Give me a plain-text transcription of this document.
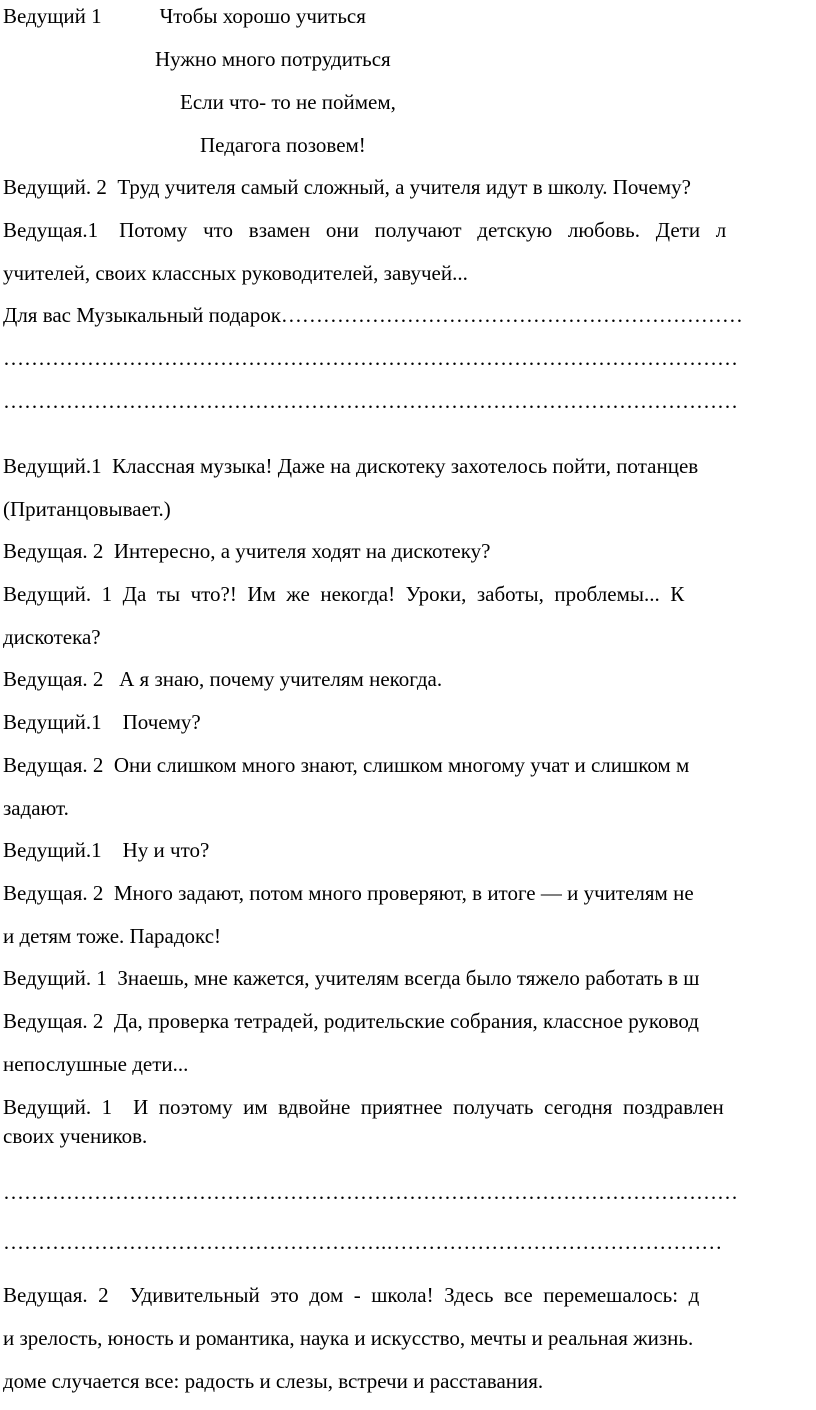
Ведущий 1	Чтобы хорошо учиться
Нужно много потрудиться
Если что- то не поймем,
Педагога позовем!
Ведущий. 2  Труд учителя самый сложный, а учителя идут в школу. Почему?
Ведущая.1    Потому   что   взамен   они   получают   детскую   любовь.   Дети   л
учителей, своих классных руководителей, завучей...
Для вас Музыкальный подарок…………………………………………………………
……………………………………………………………………………………………
……………………………………………………………………………………………
Ведущий.1  Классная музыка! Даже на дискотеку захотелось пойти, потанцев
(Пританцовывает.)
Ведущая. 2  Интересно, а учителя ходят на дискотеку?
Ведущий.  1  Да  ты  что?!  Им  же  некогда!  Уроки,  заботы,  проблемы...  К
дискотека?
Ведущая. 2   А я знаю, почему учителям некогда.
Ведущий.1    Почему?
Ведущая. 2  Они слишком много знают, слишком многому учат и слишком м
задают.
Ведущий.1    Ну и что?
Ведущая. 2  Много задают, потом много проверяют, в итоге — и учителям не
и детям тоже. Парадокс!
Ведущий. 1  Знаешь, мне кажется, учителям всегда было тяжело работать в ш
Ведущая. 2  Да, проверка тетрадей, родительские собрания, классное руковод
непослушные дети...
Ведущий.  1    И  поэтому  им  вдвойне  приятнее  получать  сегодня  поздравлен
своих учеников.
……………………………………………………………………………………………
……………………………………………….…………………………………………
Ведущая.  2    Удивительный  это  дом  -  школа!  Здесь  все  перемешалось:  д
и зрелость, юность и романтика, наука и искусство, мечты и реальная жизнь.
доме случается все: радость и слезы, встречи и расставания.
